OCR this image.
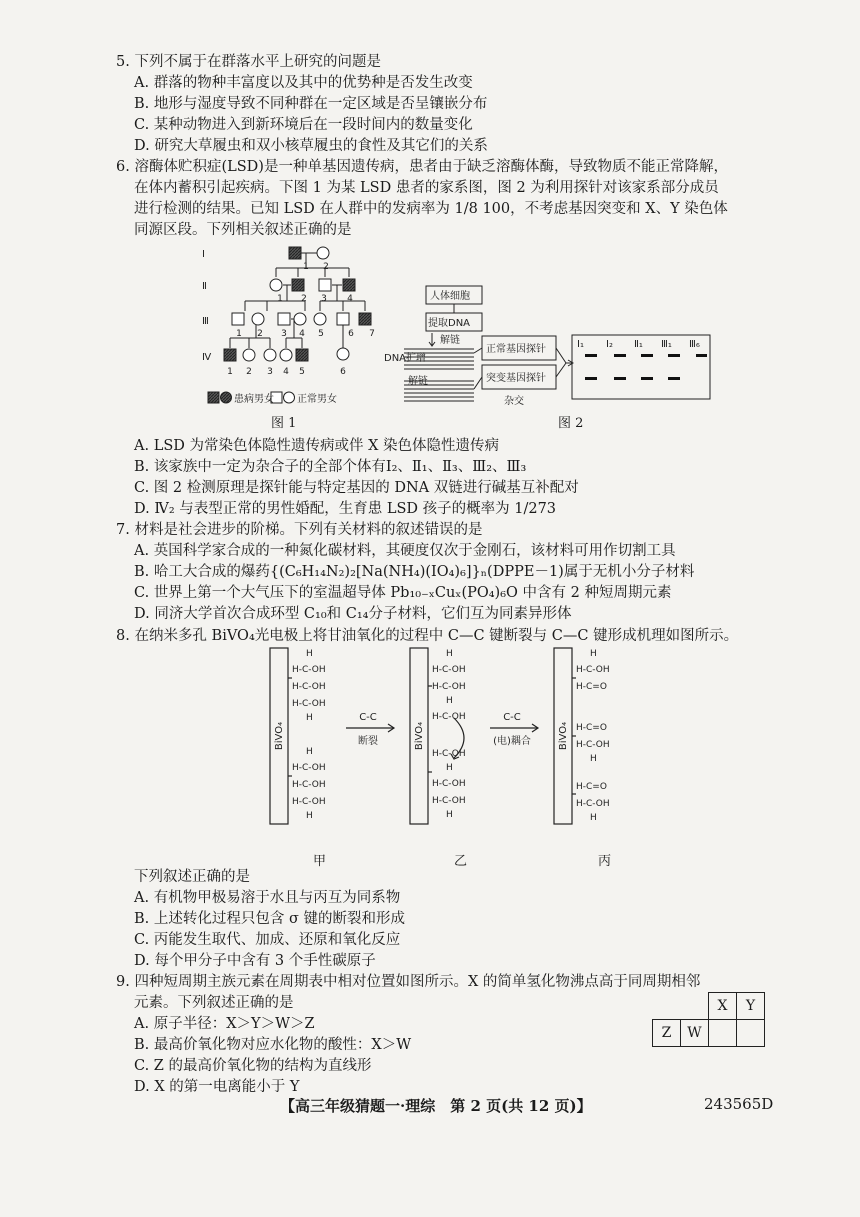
5. 下列不属于在群落水平上研究的问题是
A. 群落的物种丰富度以及其中的优势种是否发生改变
B. 地形与湿度导致不同种群在一定区域是否呈镶嵌分布
C. 某种动物进入到新环境后在一段时间内的数量变化
D. 研究大草履虫和双小核草履虫的食性及其它们的关系
6. 溶酶体贮积症(LSD)是一种单基因遗传病，患者由于缺乏溶酶体酶，导致物质不能正常降解，
在体内蓄积引起疾病。下图 1 为某 LSD 患者的家系图，图 2 为利用探针对该家系部分成员
进行检测的结果。已知 LSD 在人群中的发病率为 1/8 100，不考虑基因突变和 X、Y 染色体
同源区段。下列相关叙述正确的是
Ⅰ
Ⅱ
Ⅲ
Ⅳ
1 2
1 2 3 4
1 2 3 4 5	6 7
1 2 3 4 5	6
患病男女 正常男女
图 1
人体细胞
提取DNA
解链
DNA扩增
解链
正常基因探针
突变基因探针
杂交
Ⅰ₁ Ⅰ₂ Ⅱ₁ Ⅲ₁ Ⅲ₆
图 2
A. LSD 为常染色体隐性遗传病或伴 X 染色体隐性遗传病
B. 该家族中一定为杂合子的全部个体有Ⅰ₂、Ⅱ₁、Ⅱ₃、Ⅲ₂、Ⅲ₃
C. 图 2 检测原理是探针能与特定基因的 DNA 双链进行碱基互补配对
D. Ⅳ₂ 与表型正常的男性婚配，生育患 LSD 孩子的概率为 1/273
7. 材料是社会进步的阶梯。下列有关材料的叙述错误的是
A. 英国科学家合成的一种氮化碳材料，其硬度仅次于金刚石，该材料可用作切割工具
B. 哈工大合成的爆药{(C₆H₁₄N₂)₂[Na(NH₄)(IO₄)₆]}ₙ(DPPE－1)属于无机小分子材料
C. 世界上第一个大气压下的室温超导体 Pb₁₀₋ₓCuₓ(PO₄)₆O 中含有 2 种短周期元素
D. 同济大学首次合成环型 C₁₀和 C₁₄分子材料，它们互为同素异形体
8. 在纳米多孔 BiVO₄光电极上将甘油氧化的过程中 C—C 键断裂与 C—C 键形成机理如图所示。
BiVO₄	BiVO₄	BiVO₄
C-C
断裂
C-C
(电)耦合
H
H-C-OH
H-C-OH
H-C-OH
H
H
H-C-OH
H-C-OH
H-C-OH
H
H
H-C-OH
H-C-OH
H
H-C-OH
H-C-OH
H
H-C-OH
H-C-OH
H
H
H-C-OH
H-C=O
H-C=O
H-C-OH
H
H-C=O
H-C-OH
H
甲	乙	丙
下列叙述正确的是
A. 有机物甲极易溶于水且与丙互为同系物
B. 上述转化过程只包含 σ 键的断裂和形成
C. 丙能发生取代、加成、还原和氧化反应
D. 每个甲分子中含有 3 个手性碳原子
9. 四种短周期主族元素在周期表中相对位置如图所示。X 的简单氢化物沸点高于同周期相邻
元素。下列叙述正确的是
A. 原子半径：X＞Y＞W＞Z
B. 最高价氧化物对应水化物的酸性：X＞W
C. Z 的最高价氧化物的结构为直线形
D. X 的第一电离能小于 Y
		X	Y
Z	W		
【高三年级猜题一·理综　第 2 页(共 12 页)】	243565D
